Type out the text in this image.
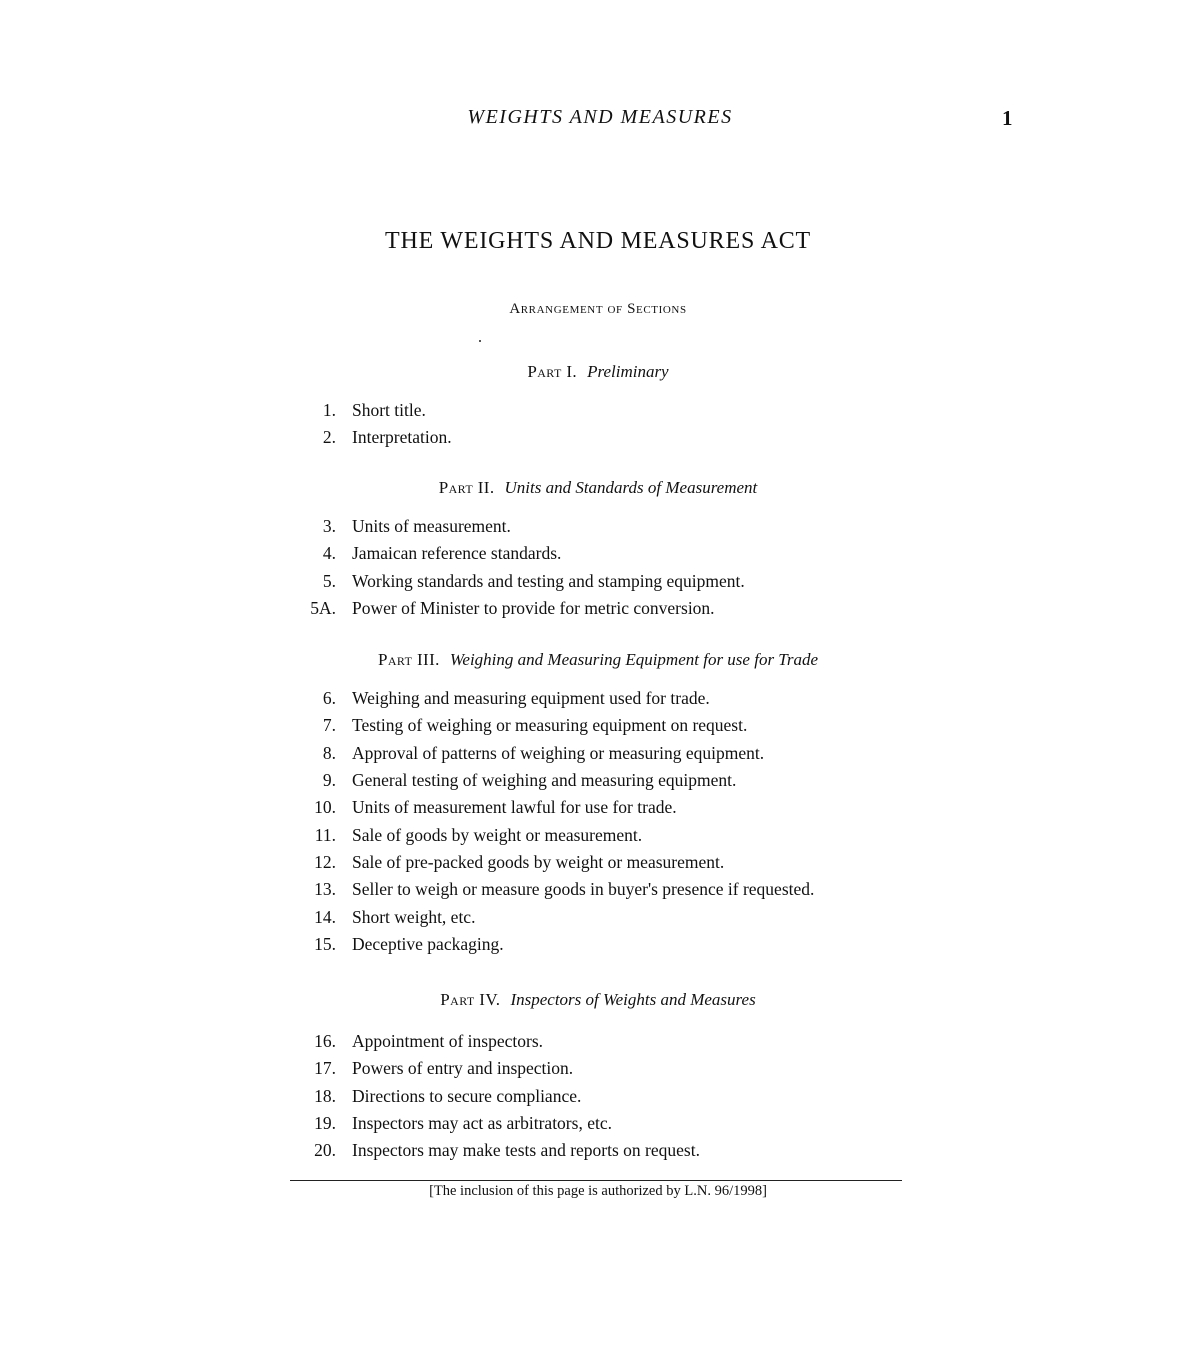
WEIGHTS AND MEASURES	1
THE WEIGHTS AND MEASURES ACT
Arrangement of Sections
Part I. Preliminary
1. Short title.
2. Interpretation.
Part II. Units and Standards of Measurement
3. Units of measurement.
4. Jamaican reference standards.
5. Working standards and testing and stamping equipment.
5A. Power of Minister to provide for metric conversion.
Part III. Weighing and Measuring Equipment for use for Trade
6. Weighing and measuring equipment used for trade.
7. Testing of weighing or measuring equipment on request.
8. Approval of patterns of weighing or measuring equipment.
9. General testing of weighing and measuring equipment.
10. Units of measurement lawful for use for trade.
11. Sale of goods by weight or measurement.
12. Sale of pre-packed goods by weight or measurement.
13. Seller to weigh or measure goods in buyer's presence if requested.
14. Short weight, etc.
15. Deceptive packaging.
Part IV. Inspectors of Weights and Measures
16. Appointment of inspectors.
17. Powers of entry and inspection.
18. Directions to secure compliance.
19. Inspectors may act as arbitrators, etc.
20. Inspectors may make tests and reports on request.
[The inclusion of this page is authorized by L.N. 96/1998]
